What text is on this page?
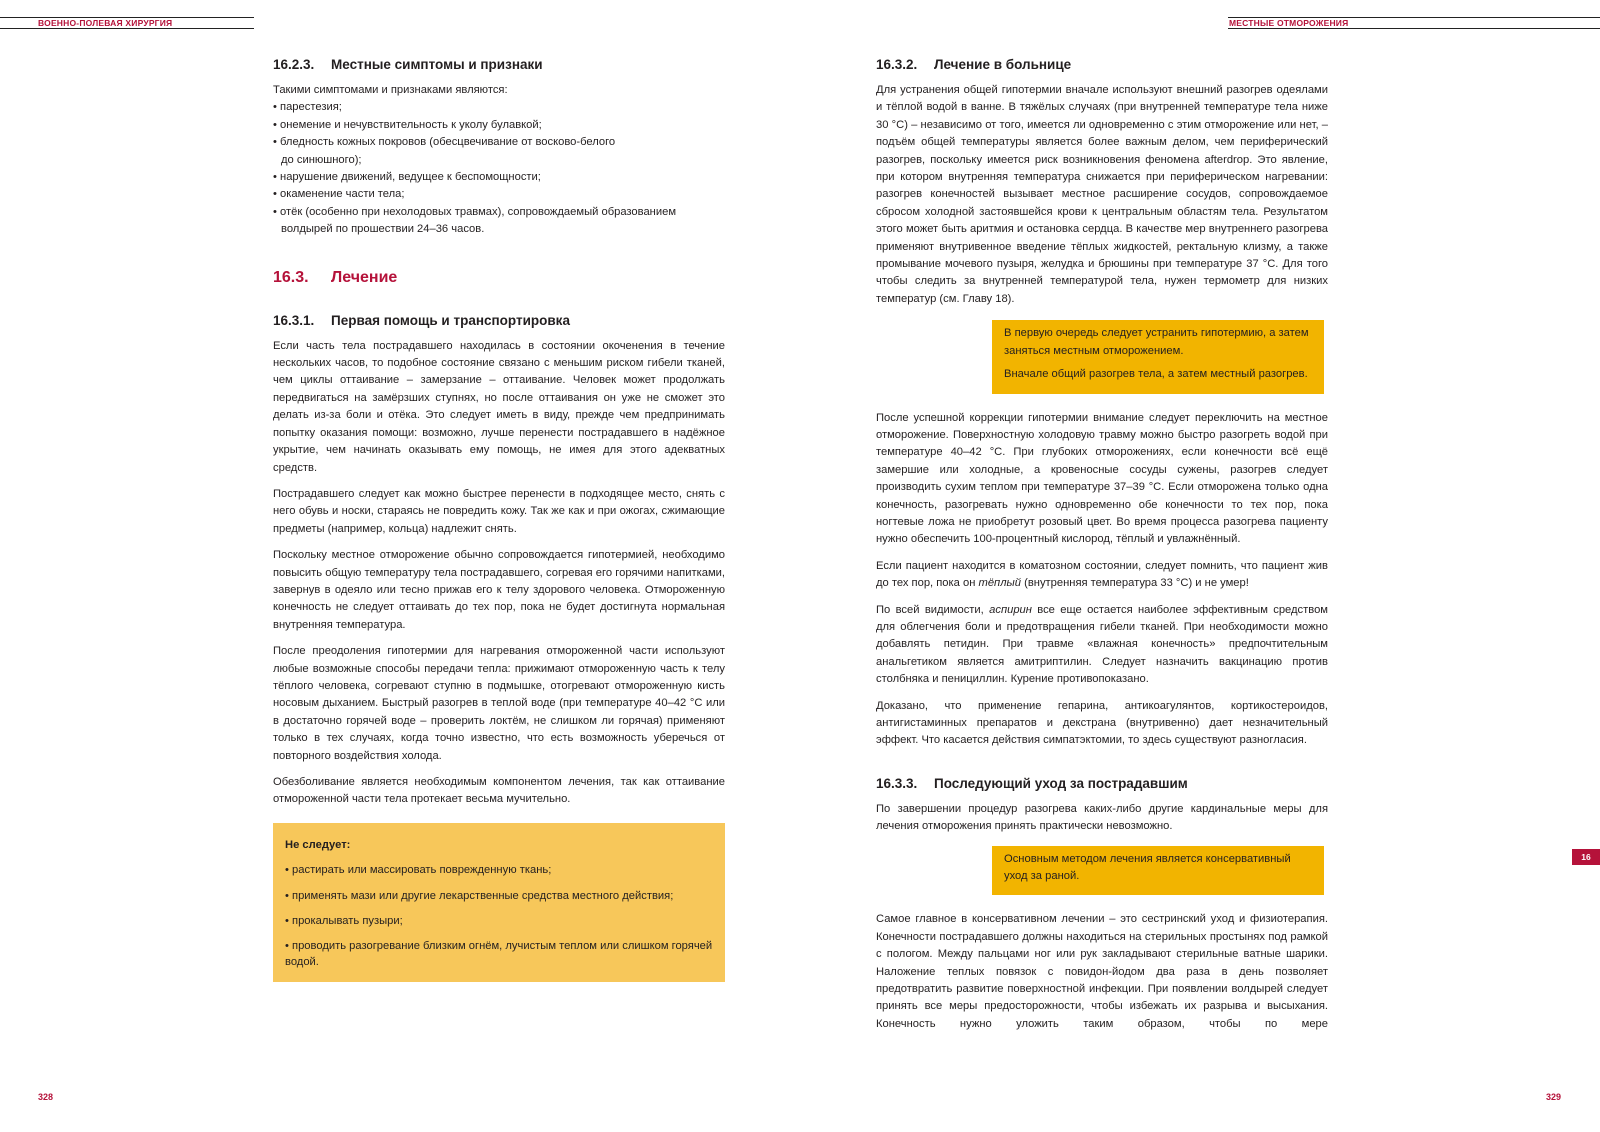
ВОЕННО-ПОЛЕВАЯ ХИРУРГИЯ	МЕСТНЫЕ ОТМОРОЖЕНИЯ
16.2.3. Местные симптомы и признаки
Такими симптомами и признаками являются:
• парестезия;
• онемение и нечувствительность к уколу булавкой;
• бледность кожных покровов (обесцвечивание от восково-белого
до синюшного);
• нарушение движений, ведущее к беспомощности;
• окаменение части тела;
• отёк (особенно при нехолодовых травмах), сопровождаемый образованием
волдырей по прошествии 24–36 часов.
16.3. Лечение
16.3.1. Первая помощь и транспортировка
Если часть тела пострадавшего находилась в состоянии окоченения в течение нескольких часов, то подобное состояние связано с меньшим риском гибели тканей, чем циклы оттаивание – замерзание – оттаивание. Человек может продолжать передвигаться на замёрзших ступнях, но после оттаивания он уже не сможет это делать из-за боли и отёка. Это следует иметь в виду, прежде чем предпринимать попытку оказания помощи: возможно, лучше перенести пострадавшего в надёжное укрытие, чем начинать оказывать ему помощь, не имея для этого адекватных средств.
Пострадавшего следует как можно быстрее перенести в подходящее место, снять с него обувь и носки, стараясь не повредить кожу. Так же как и при ожогах, сжимающие предметы (например, кольца) надлежит снять.
Поскольку местное отморожение обычно сопровождается гипотермией, необходимо повысить общую температуру тела пострадавшего, согревая его горячими напитками, завернув в одеяло или тесно прижав его к телу здорового человека. Отмороженную конечность не следует оттаивать до тех пор, пока не будет достигнута нормальная внутренняя температура.
После преодоления гипотермии для нагревания отмороженной части используют любые возможные способы передачи тепла: прижимают отмороженную часть к телу тёплого человека, согревают ступню в подмышке, отогревают отмороженную кисть носовым дыханием. Быстрый разогрев в теплой воде (при температуре 40–42 °С или в достаточно горячей воде – проверить локтём, не слишком ли горячая) применяют только в тех случаях, когда точно известно, что есть возможность уберечься от повторного воздействия холода.
Обезболивание является необходимым компонентом лечения, так как оттаивание отмороженной части тела протекает весьма мучительно.
Не следует:
• растирать или массировать поврежденную ткань;
• применять мази или другие лекарственные средства местного действия;
• прокалывать пузыри;
• проводить разогревание близким огнём, лучистым теплом или слишком горячей водой.
328
16.3.2. Лечение в больнице
Для устранения общей гипотермии вначале используют внешний разогрев одеялами и тёплой водой в ванне. В тяжёлых случаях (при внутренней температуре тела ниже 30 °С) – независимо от того, имеется ли одновременно с этим отморожение или нет, – подъём общей температуры является более важным делом, чем периферический разогрев, поскольку имеется риск возникновения феномена afterdrop. Это явление, при котором внутренняя температура снижается при периферическом нагревании: разогрев конечностей вызывает местное расширение сосудов, сопровождаемое сбросом холодной застоявшейся крови к центральным областям тела. Результатом этого может быть аритмия и остановка сердца. В качестве мер внутреннего разогрева применяют внутривенное введение тёплых жидкостей, ректальную клизму, а также промывание мочевого пузыря, желудка и брюшины при температуре 37 °С. Для того чтобы следить за внутренней температурой тела, нужен термометр для низких температур (см. Главу 18).
В первую очередь следует устранить гипотермию, а затем заняться местным отморожением.
Вначале общий разогрев тела, а затем местный разогрев.
После успешной коррекции гипотермии внимание следует переключить на местное отморожение. Поверхностную холодовую травму можно быстро разогреть водой при температуре 40–42 °С. При глубоких отморожениях, если конечности всё ещё замершие или холодные, а кровеносные сосуды сужены, разогрев следует производить сухим теплом при температуре 37–39 °С. Если отморожена только одна конечность, разогревать нужно одновременно обе конечности то тех пор, пока ногтевые ложа не приобретут розовый цвет. Во время процесса разогрева пациенту нужно обеспечить 100-процентный кислород, тёплый и увлажнённый.
Если пациент находится в коматозном состоянии, следует помнить, что пациент жив до тех пор, пока он тёплый (внутренняя температура 33 °С) и не умер!
По всей видимости, аспирин все еще остается наиболее эффективным средством для облегчения боли и предотвращения гибели тканей. При необходимости можно добавлять петидин. При травме «влажная конечность» предпочтительным анальгетиком является амитриптилин. Следует назначить вакцинацию против столбняка и пенициллин. Курение противопоказано.
Доказано, что применение гепарина, антикоагулянтов, кортикостероидов, антигистаминных препаратов и декстрана (внутривенно) дает незначительный эффект. Что касается действия симпатэктомии, то здесь существуют разногласия.
16.3.3. Последующий уход за пострадавшим
По завершении процедур разогрева каких-либо другие кардинальные меры для лечения отморожения принять практически невозможно.
Основным методом лечения является консервативный уход за раной.
Самое главное в консервативном лечении – это сестринский уход и физиотерапия. Конечности пострадавшего должны находиться на стерильных простынях под рамкой с пологом. Между пальцами ног или рук закладывают стерильные ватные шарики. Наложение теплых повязок с повидон-йодом два раза в день позволяет предотвратить развитие поверхностной инфекции. При появлении волдырей следует принять все меры предосторожности, чтобы избежать их разрыва и высыхания. Конечность нужно уложить таким образом, чтобы по мере
16
329
